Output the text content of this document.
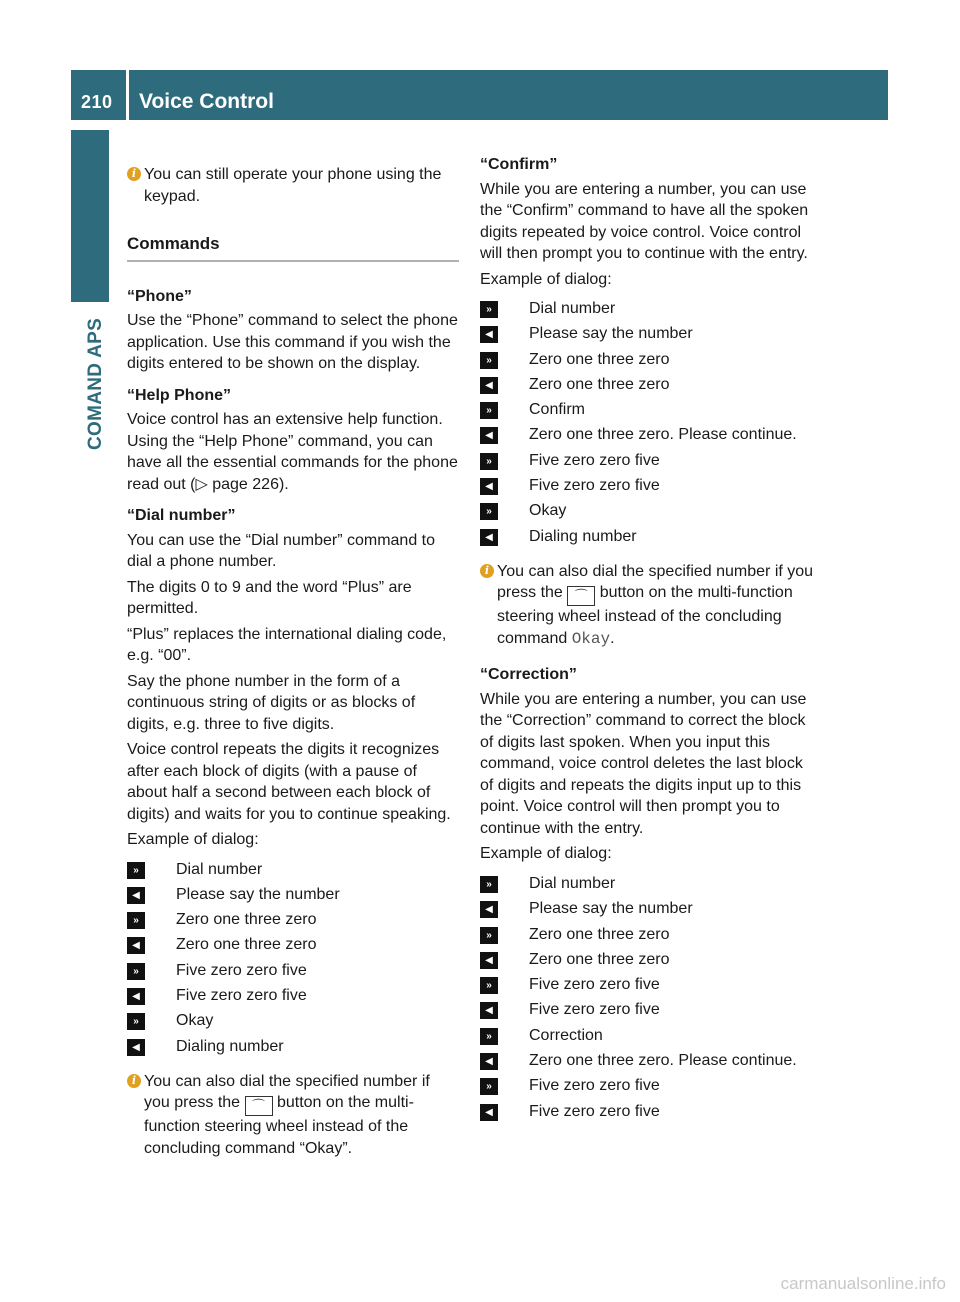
210 Voice Control
COMAND APS
i You can still operate your phone using the keypad.
Commands
“Phone”

Use the “Phone” command to select the phone application. Use this command if you wish the digits entered to be shown on the display.

“Help Phone”

Voice control has an extensive help function. Using the “Help Phone” command, you can have all the essential commands for the phone read out (▷ page 226).

“Dial number”

You can use the “Dial number” command to dial a phone number.

The digits 0 to 9 and the word “Plus” are permitted.

“Plus” replaces the international dialing code, e.g. “00”.

Say the phone number in the form of a continuous string of digits or as blocks of digits, e.g. three to five digits.

Voice control repeats the digits it recognizes after each block of digits (with a pause of about half a second between each block of digits) and waits for you to continue speaking.

Example of dialog:

»	Dial number
◀	Please say the number
»	Zero one three zero
◀	Zero one three zero
»	Five zero zero five
◀	Five zero zero five
»	Okay
◀	Dialing number
i You can also dial the specified number if you press the ⌒ button on the multi-function steering wheel instead of the concluding command “Okay”.
“Confirm”

While you are entering a number, you can use the “Confirm” command to have all the spoken digits repeated by voice control. Voice control will then prompt you to continue with the entry.

Example of dialog:

»	Dial number
◀	Please say the number
»	Zero one three zero
◀	Zero one three zero
»	Confirm
◀	Zero one three zero. Please continue.
»	Five zero zero five
◀	Five zero zero five
»	Okay
◀	Dialing number
i You can also dial the specified number if you press the ⌒ button on the multi-function steering wheel instead of the concluding command Okay.
“Correction”

While you are entering a number, you can use the “Correction” command to correct the block of digits last spoken. When you input this command, voice control deletes the last block of digits and repeats the digits input up to this point. Voice control will then prompt you to continue with the entry.

Example of dialog:

»	Dial number
◀	Please say the number
»	Zero one three zero
◀	Zero one three zero
»	Five zero zero five
◀	Five zero zero five
»	Correction
◀	Zero one three zero. Please continue.
»	Five zero zero five
◀	Five zero zero five
carmanualsonline.info
